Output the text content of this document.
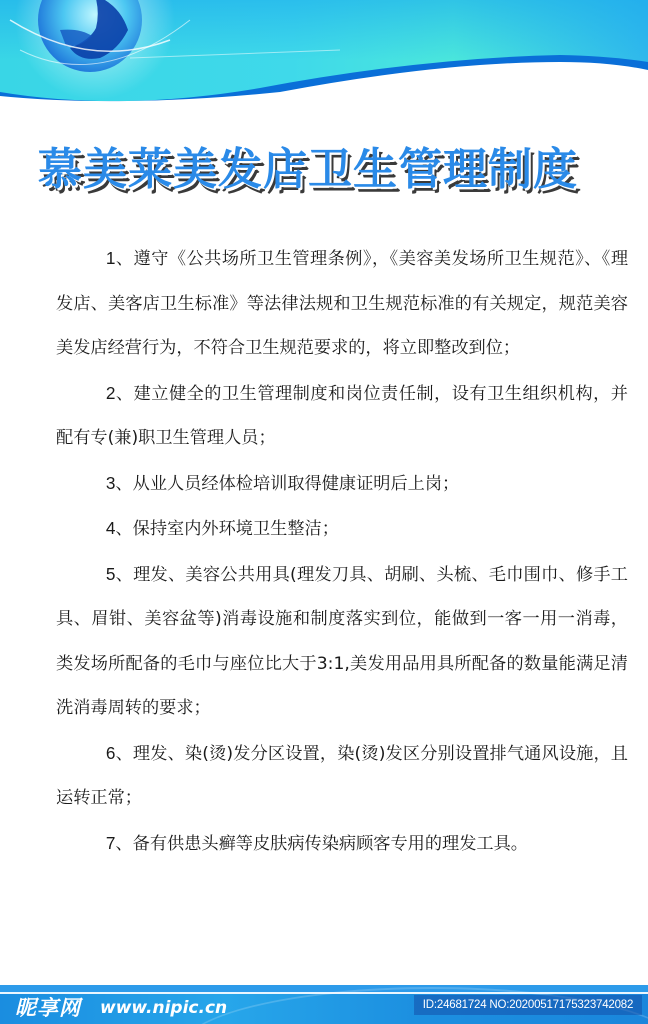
慕美莱美发店卫生管理制度

1、遵守《公共场所卫生管理条例》，《美容美发场所卫生规范》、《理发店、美客店卫生标准》等法律法规和卫生规范标准的有关规定，规范美容美发店经营行为，不符合卫生规范要求的，将立即整改到位；

2、建立健全的卫生管理制度和岗位责任制，设有卫生组织机构，并配有专(兼)职卫生管理人员；

3、从业人员经体检培训取得健康证明后上岗；

4、保持室内外环境卫生整洁；

5、理发、美容公共用具(理发刀具、胡刷、头梳、毛巾围巾、修手工具、眉钳、美容盆等)消毒设施和制度落实到位，能做到一客一用一消毒，类发场所配备的毛巾与座位比大于3:1,美发用品用具所配备的数量能满足清洗消毒周转的要求；

6、理发、染(烫)发分区设置，染(烫)发区分别设置排气通风设施，且运转正常；

7、备有供患头癣等皮肤病传染病顾客专用的理发工具。

昵享网 www.nipic.cn	ID:24681724 NO:20200517175323742082
